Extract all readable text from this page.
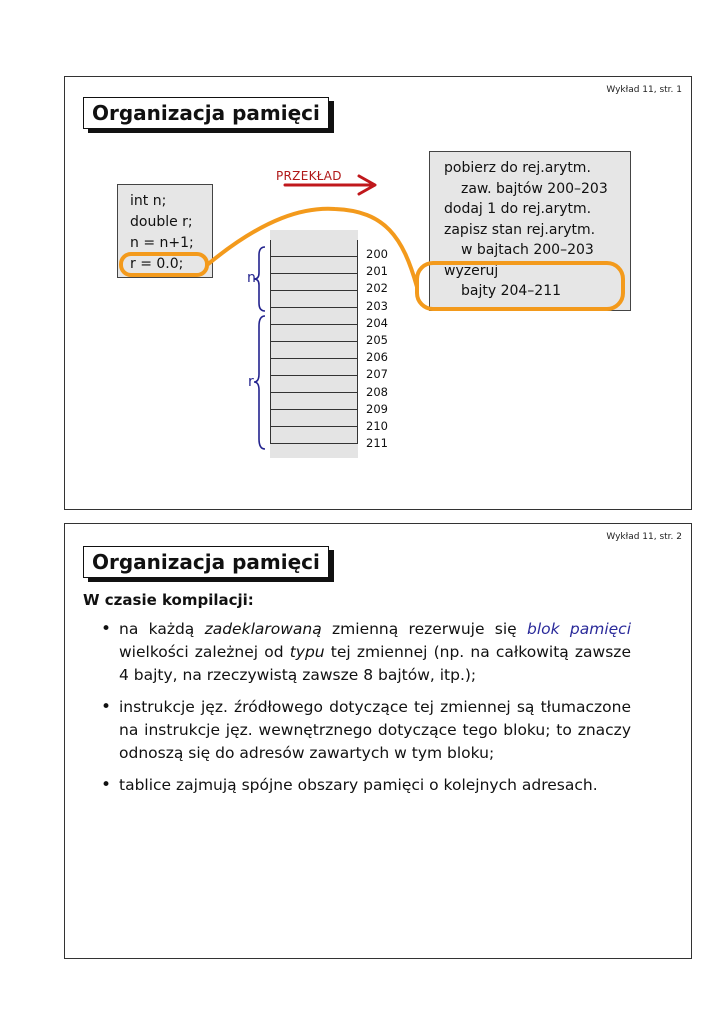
Wykład 11, str. 1
Organizacja pamięci
int n;
double r;
n = n+1;
r = 0.0;
PRZEKŁAD	pobierz do rej.arytm.
zaw. bajtów 200–203
dodaj 1 do rej.arytm.
zapisz stan rej.arytm.
w bajtach 200–203
wyzeruj
bajty 204–211
200
201
202
203
204
205
206
207
208
209
210
211
n
r
Wykład 11, str. 2
Organizacja pamięci
W czasie kompilacji:
• na każdą zadeklarowaną zmienną rezerwuje się blok pamięci wielkości zależnej od typu tej zmiennej (np. na całkowitą zawsze 4 bajty, na rzeczywistą zawsze 8 bajtów, itp.);
• instrukcje jęz. źródłowego dotyczące tej zmiennej są tłumaczone na instrukcje jęz. wewnętrznego dotyczące tego bloku; to znaczy odnoszą się do adresów zawartych w tym bloku;
• tablice zajmują spójne obszary pamięci o kolejnych adresach.
